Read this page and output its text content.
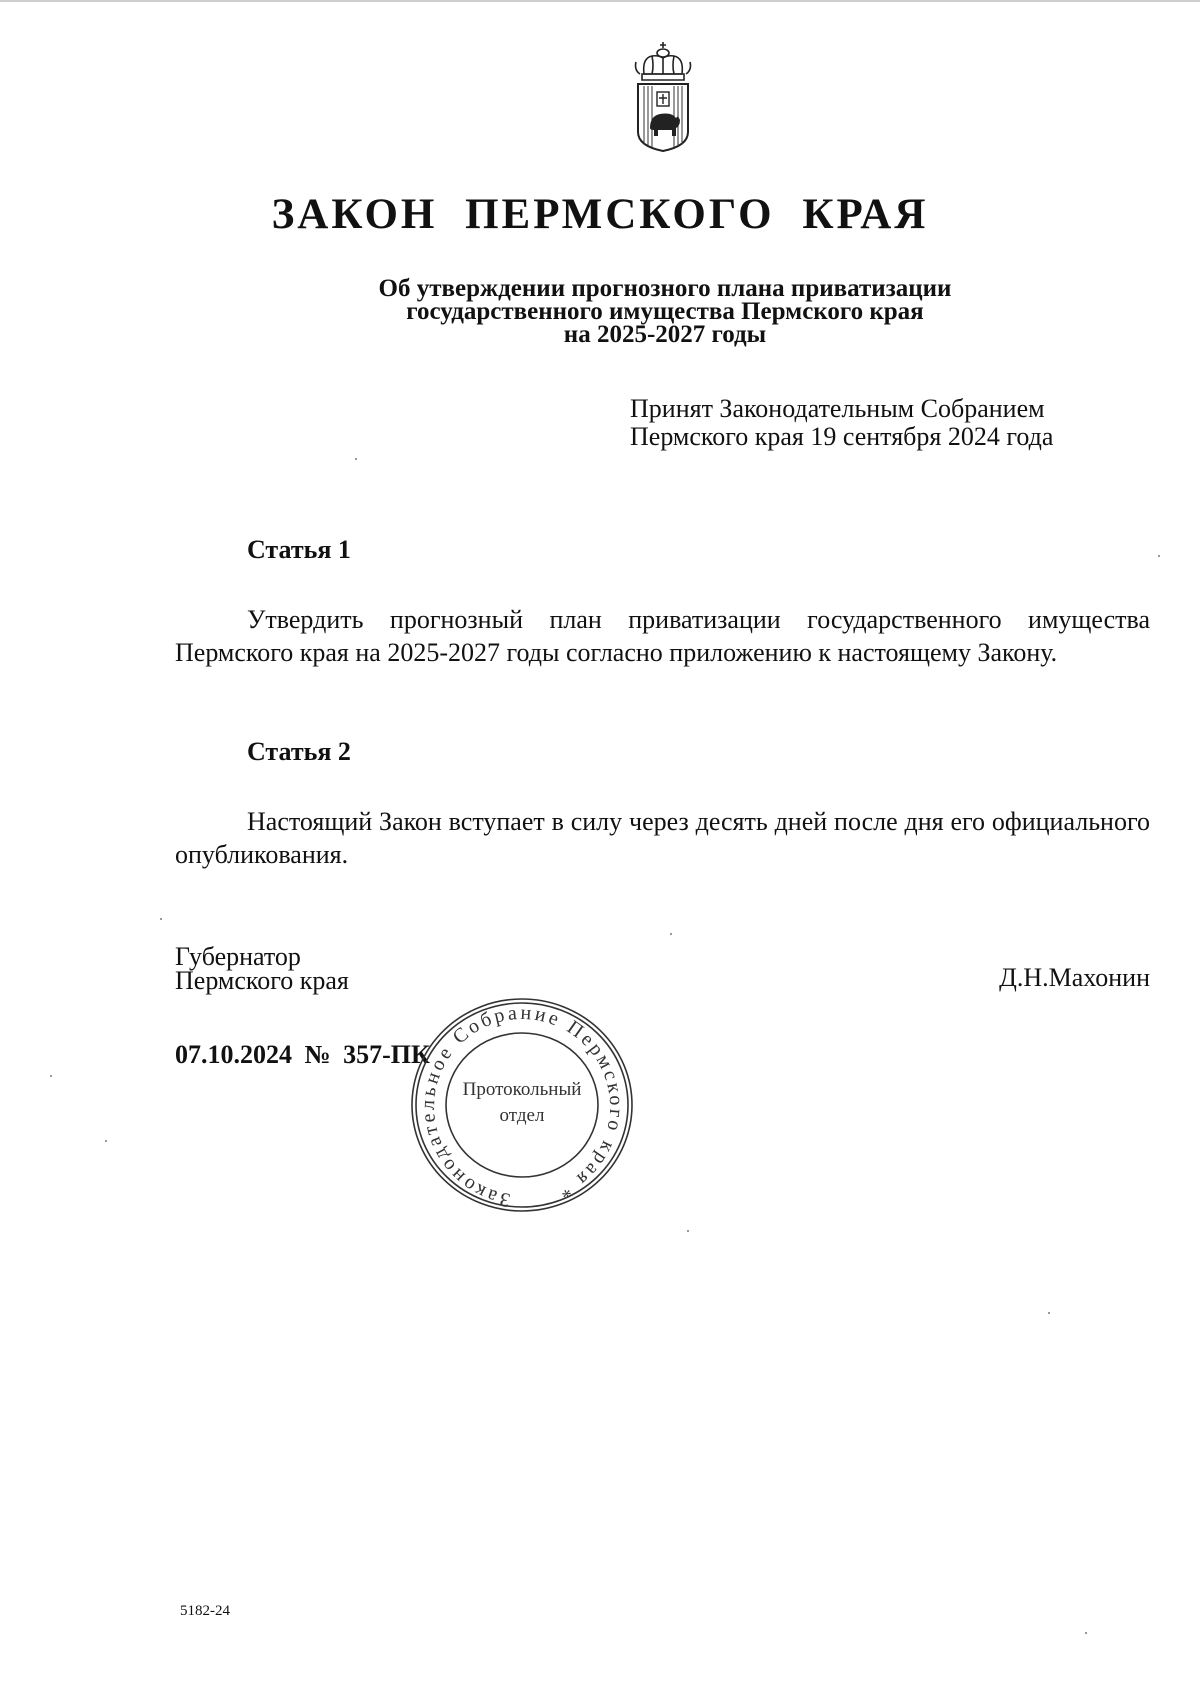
ЗАКОН ПЕРМСКОГО КРАЯ
Об утверждении прогнозного плана приватизации
государственного имущества Пермского края
на 2025-2027 годы
Принят Законодательным Собранием
Пермского края 19 сентября 2024 года
Статья 1

Утвердить прогнозный план приватизации государственного имущества Пермского края на 2025-2027 годы согласно приложению к настоящему Закону.

Статья 2

Настоящий Закон вступает в силу через десять дней после дня его официального опубликования.

Губернатор
Пермского края	Д.Н.Махонин
07.10.2024 № 357-ПК
Законодательное Собрание Пермского края *
Протокольный
отдел
5182-24
